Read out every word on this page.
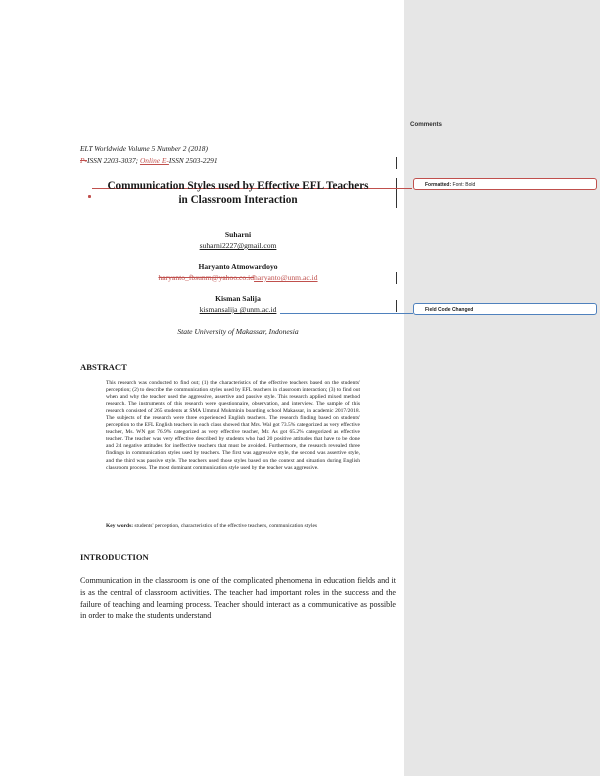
Comments
Formatted: Font: Bold
Field Code Changed
ELT Worldwide Volume 5 Number 2 (2018)
P-ISSN 2203-3037; Online E-ISSN 2503-2291
Communication Styles used by Effective EFL Teachers
in Classroom Interaction
Suharni
suharni2227@gmail.com
Haryanto Atmowardoyo
haryanto_fbsunm@yahoo.co.idharyanto@unm.ac.id
Kisman Salija
kismansalija @unm.ac.id
State University of Makassar, Indonesia
ABSTRACT
This research was conducted to find out; (1) the characteristics of the effective teachers based on the students' perception; (2) to describe the communication styles used by EFL teachers in classroom interaction; (3) to find out when and why the teacher used the aggressive, assertive and passive style. This research applied mixed method research. The instruments of this research were questionnaire, observation, and interview. The sample of this research consisted of 265 students at SMA Ummul Mukminin boarding school Makassar, in academic 2017/2018. The subjects of the research were three experienced English teachers. The research finding based on students' perception to the EFL English teachers in each class showed that Mrs. Wal got 73.5% categorized as very effective teacher, Ms. WN got 76.9% categorized as very effective teacher, Mr. As got 65.2% categorized as effective teacher. The teacher was very effective described by students who had 20 positive attitudes that have to be done and 24 negative attitudes for ineffective teachers that must be avoided. Furthermore, the research revealed three findings in communication styles used by teachers. The first was aggressive style, the second was assertive style, and the third was passive style. The teachers used those styles based on the context and situation during English classroom process. The most dominant communication style used by the teacher was aggressive.
Key words: students' perception, characteristics of the effective teachers, communication styles
INTRODUCTION
Communication in the classroom is one of the complicated phenomena in education fields and it is as the central of classroom activities. The teacher had important roles in the success and the failure of teaching and learning process. Teacher should interact as a communicative as possible in order to make the students understand
